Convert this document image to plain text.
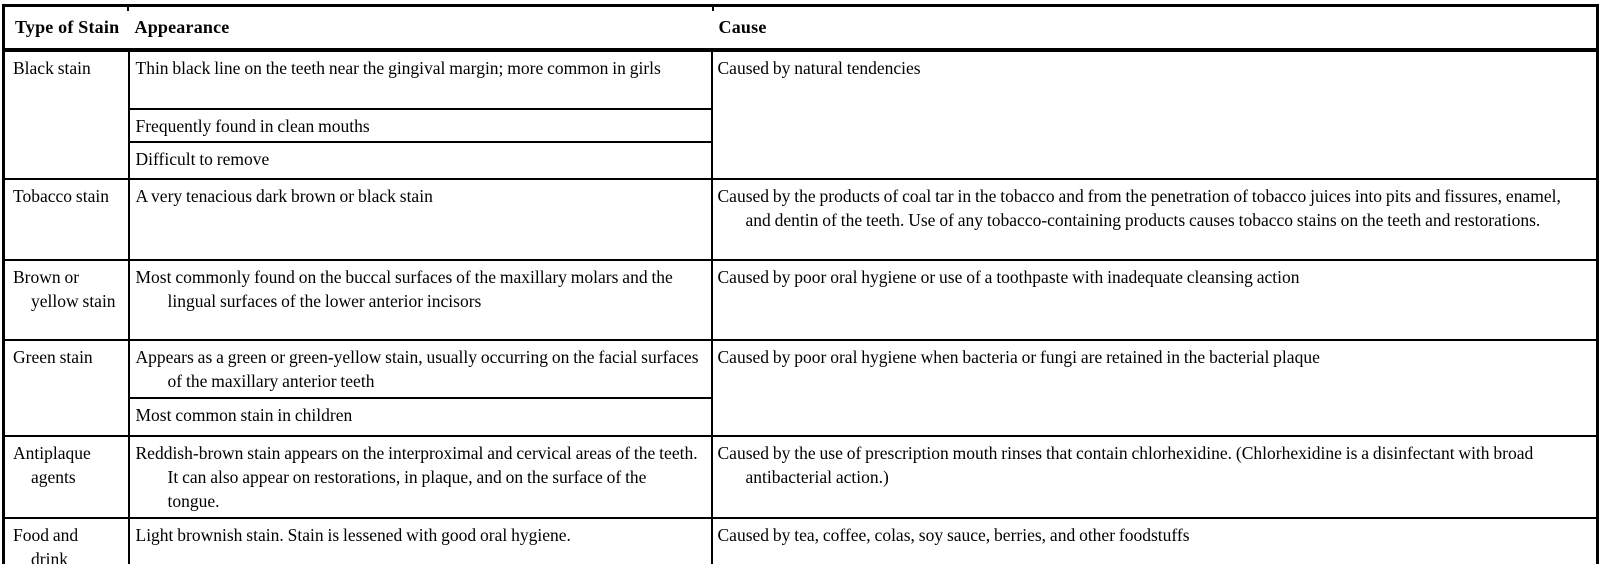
Type of Stain	Appearance	Cause
Black stain	Thin black line on the teeth near the gingival margin; more common in girls	Caused by natural tendencies
	Frequently found in clean mouths	
	Difficult to remove	
Tobacco stain	A very tenacious dark brown or black stain	Caused by the products of coal tar in the tobacco and from the penetration of tobacco juices into pits and fissures, enamel, and dentin of the teeth. Use of any tobacco-containing products causes tobacco stains on the teeth and restorations.
Brown or yellow stain	Most commonly found on the buccal surfaces of the maxillary molars and the lingual surfaces of the lower anterior incisors	Caused by poor oral hygiene or use of a toothpaste with inadequate cleansing action
Green stain	Appears as a green or green-yellow stain, usually occurring on the facial surfaces of the maxillary anterior teeth	Caused by poor oral hygiene when bacteria or fungi are retained in the bacterial plaque
	Most common stain in children	
Antiplaque agents	Reddish-brown stain appears on the interproximal and cervical areas of the teeth. It can also appear on restorations, in plaque, and on the surface of the tongue.	Caused by the use of prescription mouth rinses that contain chlorhexidine. (Chlorhexidine is a disinfectant with broad antibacterial action.)
Food and drink	Light brownish stain. Stain is lessened with good oral hygiene.	Caused by tea, coffee, colas, soy sauce, berries, and other foodstuffs
